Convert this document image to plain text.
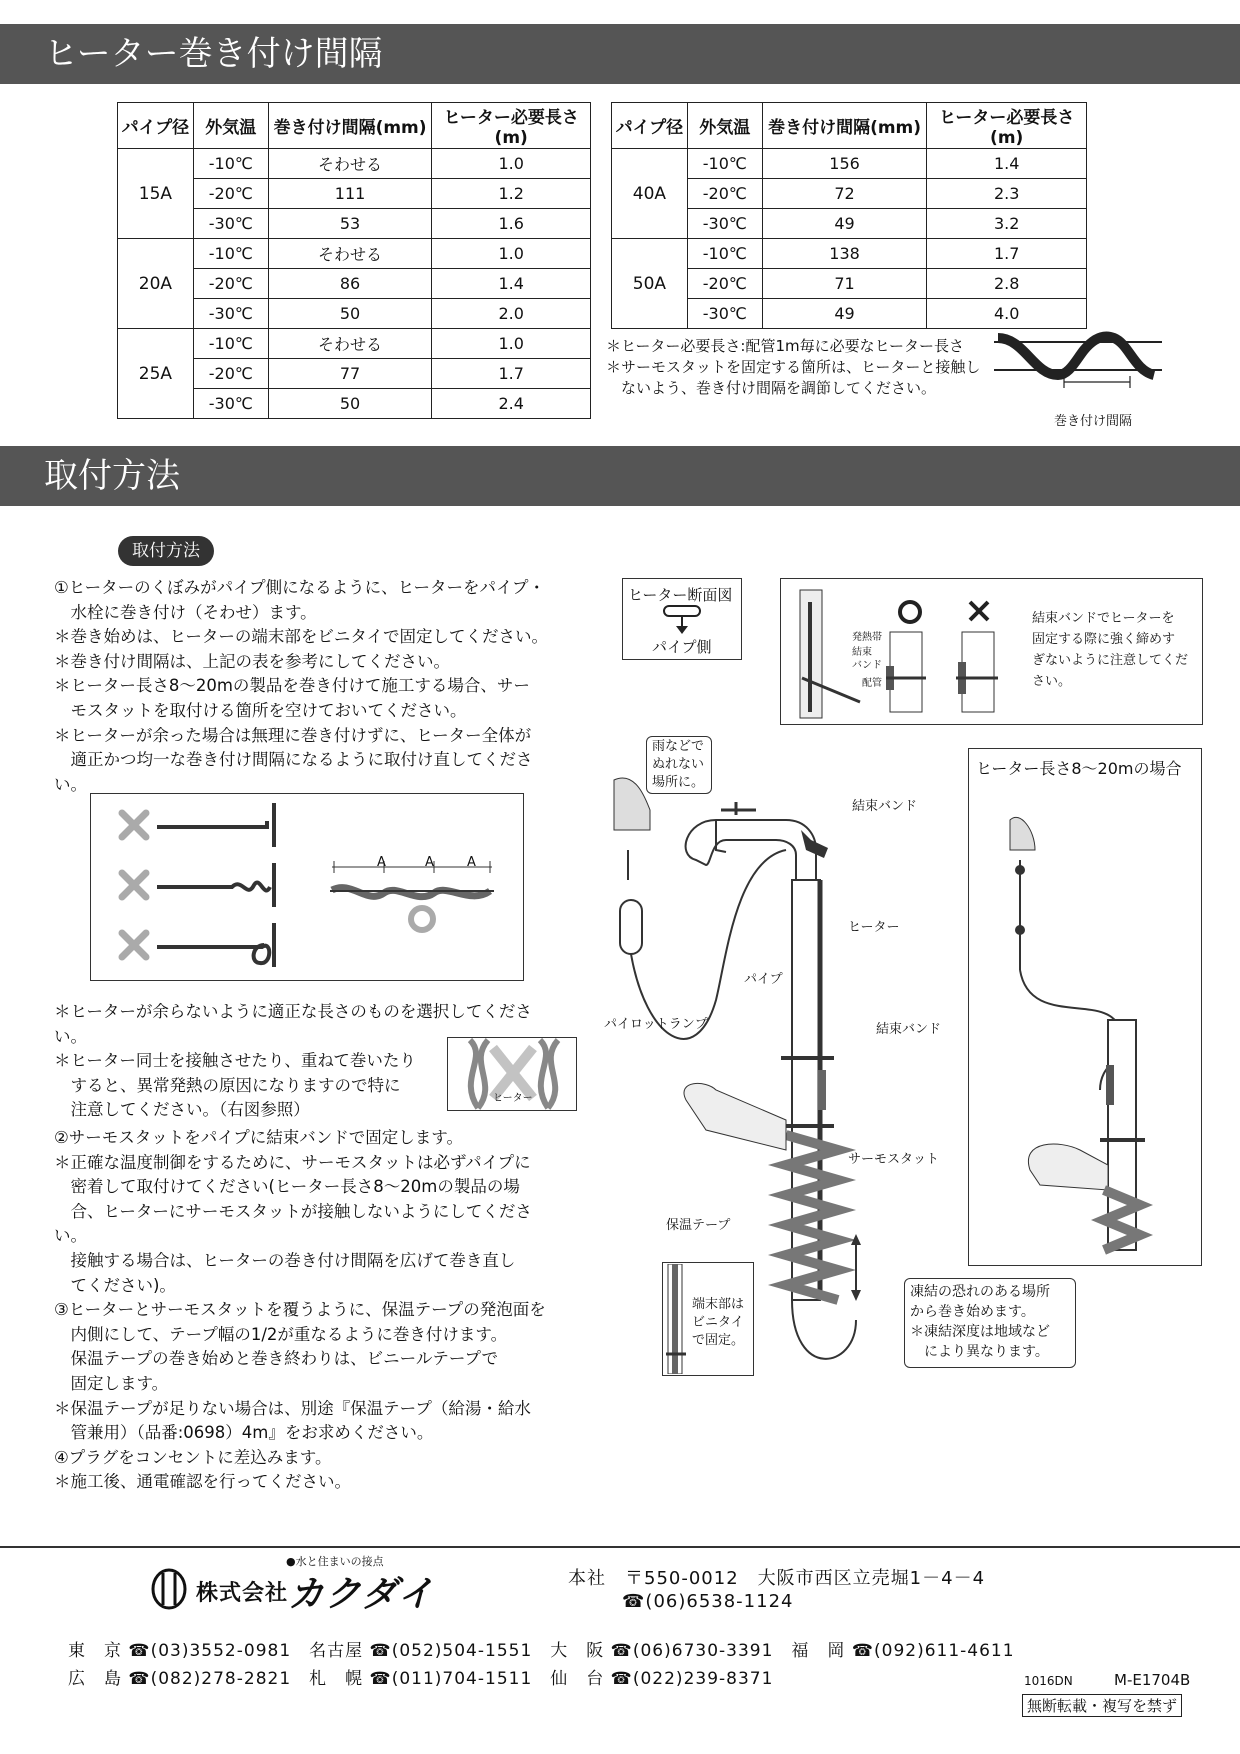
ヒーター巻き付け間隔
パイプ径	外気温	巻き付け間隔(mm)	ヒーター必要長さ(m)
15A	-10℃	そわせる	1.0
	-20℃	111	1.2
	-30℃	53	1.6
20A	-10℃	そわせる	1.0
	-20℃	86	1.4
	-30℃	50	2.0
25A	-10℃	そわせる	1.0
	-20℃	77	1.7
	-30℃	50	2.4
パイプ径	外気温	巻き付け間隔(mm)	ヒーター必要長さ(m)
40A	-10℃	156	1.4
	-20℃	72	2.3
	-30℃	49	3.2
50A	-10℃	138	1.7
	-20℃	71	2.8
	-30℃	49	4.0
＊ヒーター必要長さ:配管1m毎に必要なヒーター長さ
＊サーモスタットを固定する箇所は、ヒーターと接触し
　ないよう、巻き付け間隔を調節してください。
巻き付け間隔
取付方法
取付方法

①ヒーターのくぼみがパイプ側になるように、ヒーターをパイプ・

　水栓に巻き付け（そわせ）ます。

＊巻き始めは、ヒーターの端末部をビニタイで固定してください。

＊巻き付け間隔は、上記の表を参考にしてください。

＊ヒーター長さ8～20mの製品を巻き付けて施工する場合、サー

　モスタットを取付ける箇所を空けておいてください。

＊ヒーターが余った場合は無理に巻き付けずに、ヒーター全体が

　適正かつ均一な巻き付け間隔になるように取付け直してください。

A	A	A

＊ヒーターが余らないように適正な長さのものを選択してください。

＊ヒーター同士を接触させたり、重ねて巻いたり

　すると、異常発熱の原因になりますので特に

　注意してください。（右図参照）

ヒーター

②サーモスタットをパイプに結束バンドで固定します。

＊正確な温度制御をするために、サーモスタットは必ずパイプに

　密着して取付けてください(ヒーター長さ8～20mの製品の場

　合、ヒーターにサーモスタットが接触しないようにしてください。

　接触する場合は、ヒーターの巻き付け間隔を広げて巻き直し

　てください)。

③ヒーターとサーモスタットを覆うように、保温テープの発泡面を

　内側にして、テープ幅の1/2が重なるように巻き付けます。

　保温テープの巻き始めと巻き終わりは、ビニールテープで

　固定します。

＊保温テープが足りない場合は、別途『保温テープ（給湯・給水

　管兼用）（品番:0698）4m』をお求めください。

④プラグをコンセントに差込みます。

＊施工後、通電確認を行ってください。

ヒーター断面図
パイプ側
発熱帯
結束
バンド
配管
結束バンドでヒーターを
固定する際に強く締めす
ぎないように注意してくだ
さい。
雨などで
ぬれない
場所に。
結束バンド
ヒーター
パイプ
パイロットランプ	結束バンド
サーモスタット
保温テープ
端末部は
ビニタイ
で固定。
凍結の恐れのある場所
から巻き始めます。
＊凍結深度は地域など
　により異なります。
ヒーター長さ8～20mの場合
●水と住まいの接点
株式会社 カクダイ	本社　〒550-0012　大阪市西区立売堀1－4－4
☎(06)6538-1124
東　京 ☎(03)3552-0981　名古屋 ☎(052)504-1551　大　阪 ☎(06)6730-3391　福　岡 ☎(092)611-4611
広　島 ☎(082)278-2821　札　幌 ☎(011)704-1511　仙　台 ☎(022)239-8371	1016DN	M-E1704B
無断転載・複写を禁ず
